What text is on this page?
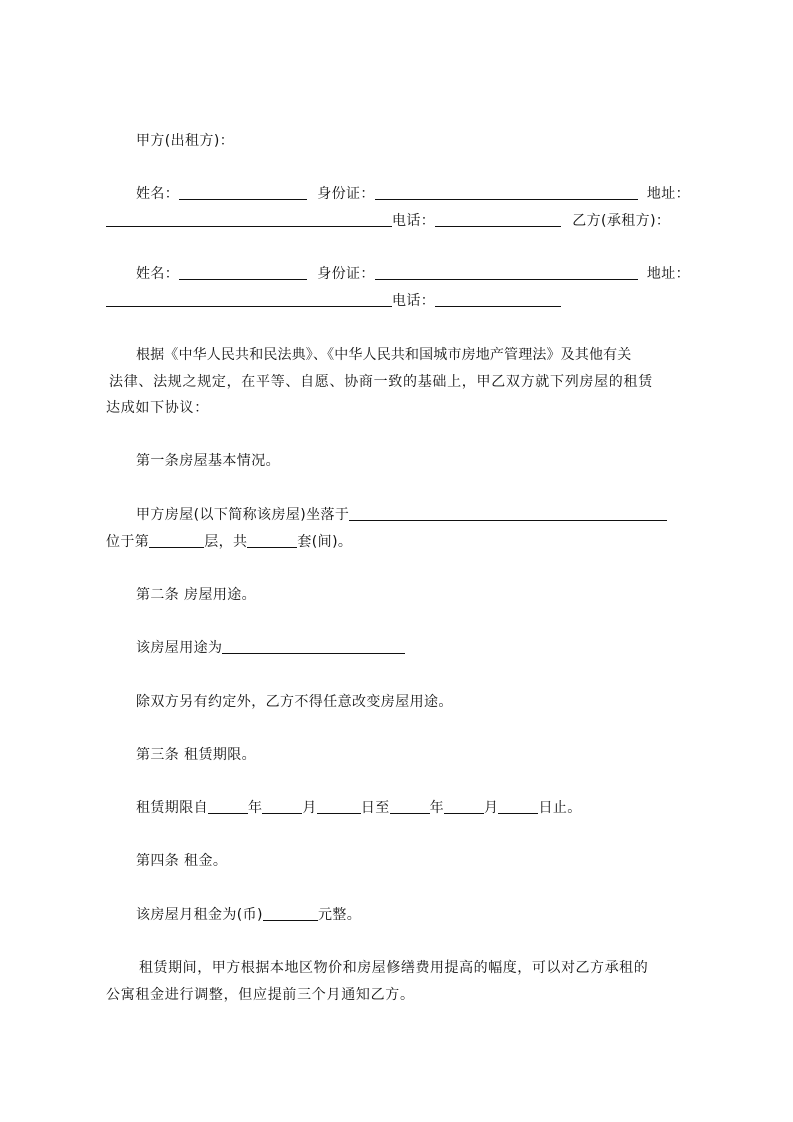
甲方(出租方)：
姓名：	身份证：	地址：
电话：	乙方(承租方)：
姓名：	身份证：	地址：
电话：
根据《中华人民共和民法典》、《中华人民共和国城市房地产管理法》及其他有关
法律、法规之规定，在平等、自愿、协商一致的基础上，甲乙双方就下列房屋的租赁
达成如下协议：
第一条房屋基本情况。
甲方房屋(以下简称该房屋)坐落于
位于第	层，共	套(间)。
第二条 房屋用途。
该房屋用途为
除双方另有约定外，乙方不得任意改变房屋用途。
第三条 租赁期限。
租赁期限自	年	月	日至	年	月	日止。
第四条 租金。
该房屋月租金为(币)	元整。
租赁期间，甲方根据本地区物价和房屋修缮费用提高的幅度，可以对乙方承租的
公寓租金进行调整，但应提前三个月通知乙方。
